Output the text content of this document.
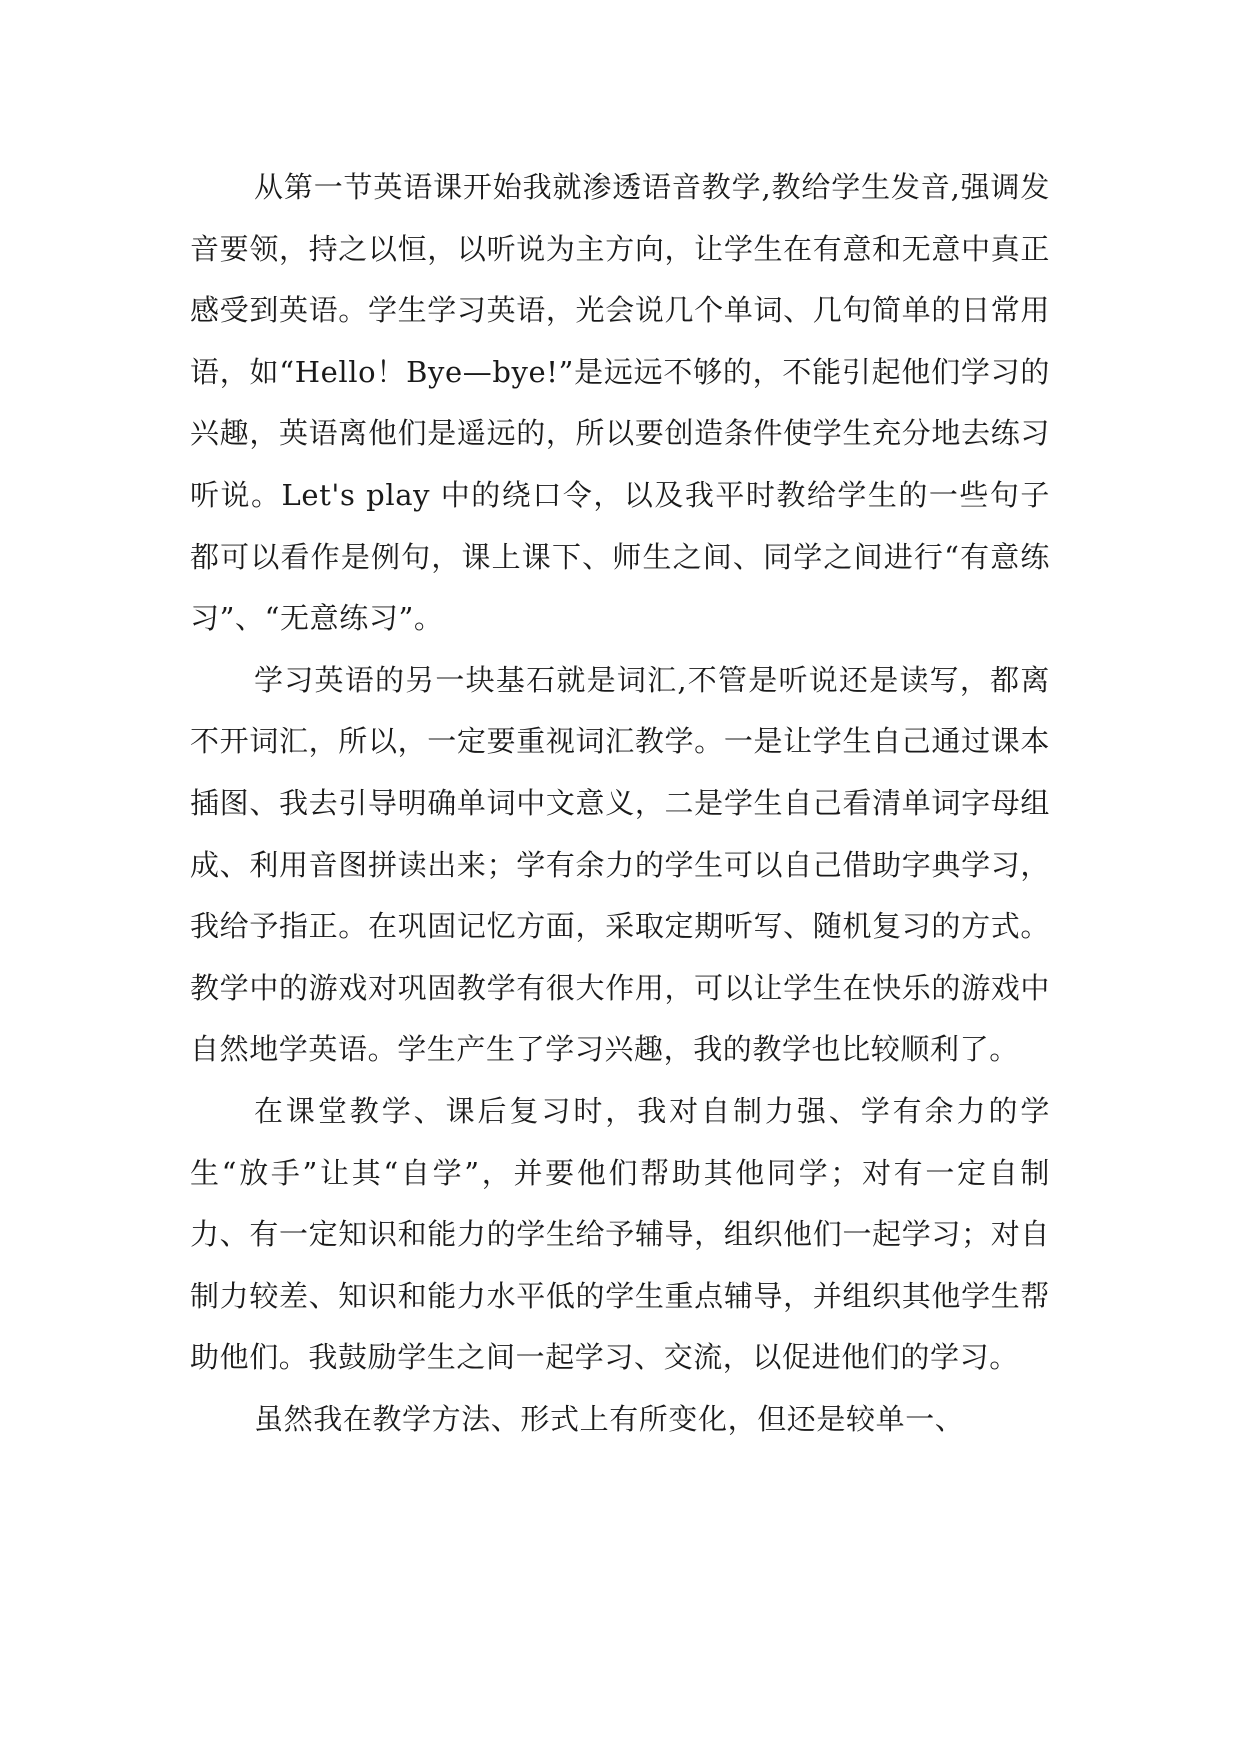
从第一节英语课开始我就渗透语音教学,教给学生发音,强调发音要领，持之以恒，以听说为主方向，让学生在有意和无意中真正感受到英语。学生学习英语，光会说几个单词、几句简单的日常用语，如“Hello！Bye—bye!”是远远不够的，不能引起他们学习的兴趣，英语离他们是遥远的，所以要创造条件使学生充分地去练习听说。Let's play 中的绕口令，以及我平时教给学生的一些句子都可以看作是例句，课上课下、师生之间、同学之间进行“有意练习”、“无意练习”。

学习英语的另一块基石就是词汇,不管是听说还是读写，都离不开词汇，所以，一定要重视词汇教学。一是让学生自己通过课本插图、我去引导明确单词中文意义，二是学生自己看清单词字母组成、利用音图拼读出来；学有余力的学生可以自己借助字典学习，我给予指正。在巩固记忆方面，采取定期听写、随机复习的方式。教学中的游戏对巩固教学有很大作用，可以让学生在快乐的游戏中自然地学英语。学生产生了学习兴趣，我的教学也比较顺利了。

在课堂教学、课后复习时，我对自制力强、学有余力的学生“放手”让其“自学”，并要他们帮助其他同学；对有一定自制力、有一定知识和能力的学生给予辅导，组织他们一起学习；对自制力较差、知识和能力水平低的学生重点辅导，并组织其他学生帮助他们。我鼓励学生之间一起学习、交流，以促进他们的学习。

虽然我在教学方法、形式上有所变化，但还是较单一、
